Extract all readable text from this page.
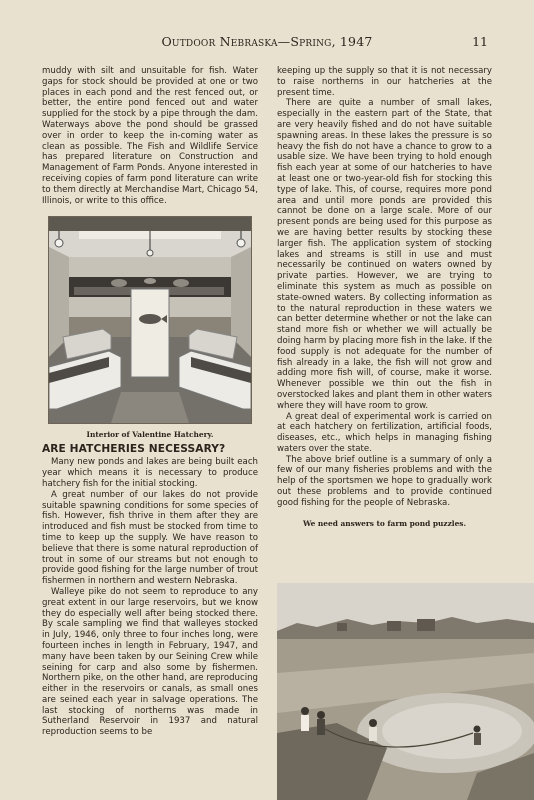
Outdoor Nebraska—Spring, 1947	11

muddy with silt and unsuitable for fish. Water gaps for stock should be provided at one or two places in each pond and the rest fenced out, or better, the entire pond fenced out and water supplied for the stock by a pipe through the dam. Waterways above the pond should be grassed over in order to keep the in-coming water as clean as possible. The Fish and Wildlife Service has prepared literature on Construction and Management of Farm Ponds. Anyone interested in receiving copies of farm pond literature can write to them directly at Merchandise Mart, Chicago 54, Illinois, or write to this office.

Interior of Valentine Hatchery.
ARE HATCHERIES NECESSARY?

Many new ponds and lakes are being built each year which means it is necessary to produce hatchery fish for the initial stocking.

A great number of our lakes do not provide suitable spawning conditions for some species of fish. However, fish thrive in them after they are introduced and fish must be stocked from time to time to keep up the supply. We have reason to believe that there is some natural reproduction of trout in some of our streams but not enough to provide good fishing for the large number of trout fishermen in northern and western Nebraska.

Walleye pike do not seem to reproduce to any great extent in our large reservoirs, but we know they do especially well after being stocked there. By scale sampling we find that walleyes stocked in July, 1946, only three to four inches long, were fourteen inches in length in February, 1947, and many have been taken by our Seining Crew while seining for carp and also some by fishermen. Northern pike, on the other hand, are reproducing either in the reservoirs or canals, as small ones are seined each year in salvage operations. The last stocking of northerns was made in Sutherland Reservoir in 1937 and natural reproduction seems to be

keeping up the supply so that it is not necessary to raise northerns in our hatcheries at the present time.

There are quite a number of small lakes, especially in the eastern part of the State, that are very heavily fished and do not have suitable spawning areas. In these lakes the pressure is so heavy the fish do not have a chance to grow to a usable size. We have been trying to hold enough fish each year at some of our hatcheries to have at least one or two-year-old fish for stocking this type of lake. This, of course, requires more pond area and until more ponds are provided this cannot be done on a large scale. More of our present ponds are being used for this purpose as we are having better results by stocking these larger fish. The application system of stocking lakes and streams is still in use and must necessarily be continued on waters owned by private parties. However, we are trying to eliminate this system as much as possible on state-owned waters. By collecting information as to the natural reproduction in these waters we can better determine whether or not the lake can stand more fish or whether we will actually be doing harm by placing more fish in the lake. If the food supply is not adequate for the number of fish already in a lake, the fish will not grow and adding more fish will, of course, make it worse. Whenever possible we thin out the fish in overstocked lakes and plant them in other waters where they will have room to grow.

A great deal of experimental work is carried on at each hatchery on fertilization, artificial foods, diseases, etc., which helps in managing fishing waters over the state.

The above brief outline is a summary of only a few of our many fisheries problems and with the help of the sportsmen we hope to gradually work out these problems and to provide continued good fishing for the people of Nebraska.

We need answers to farm pond puzzles.
